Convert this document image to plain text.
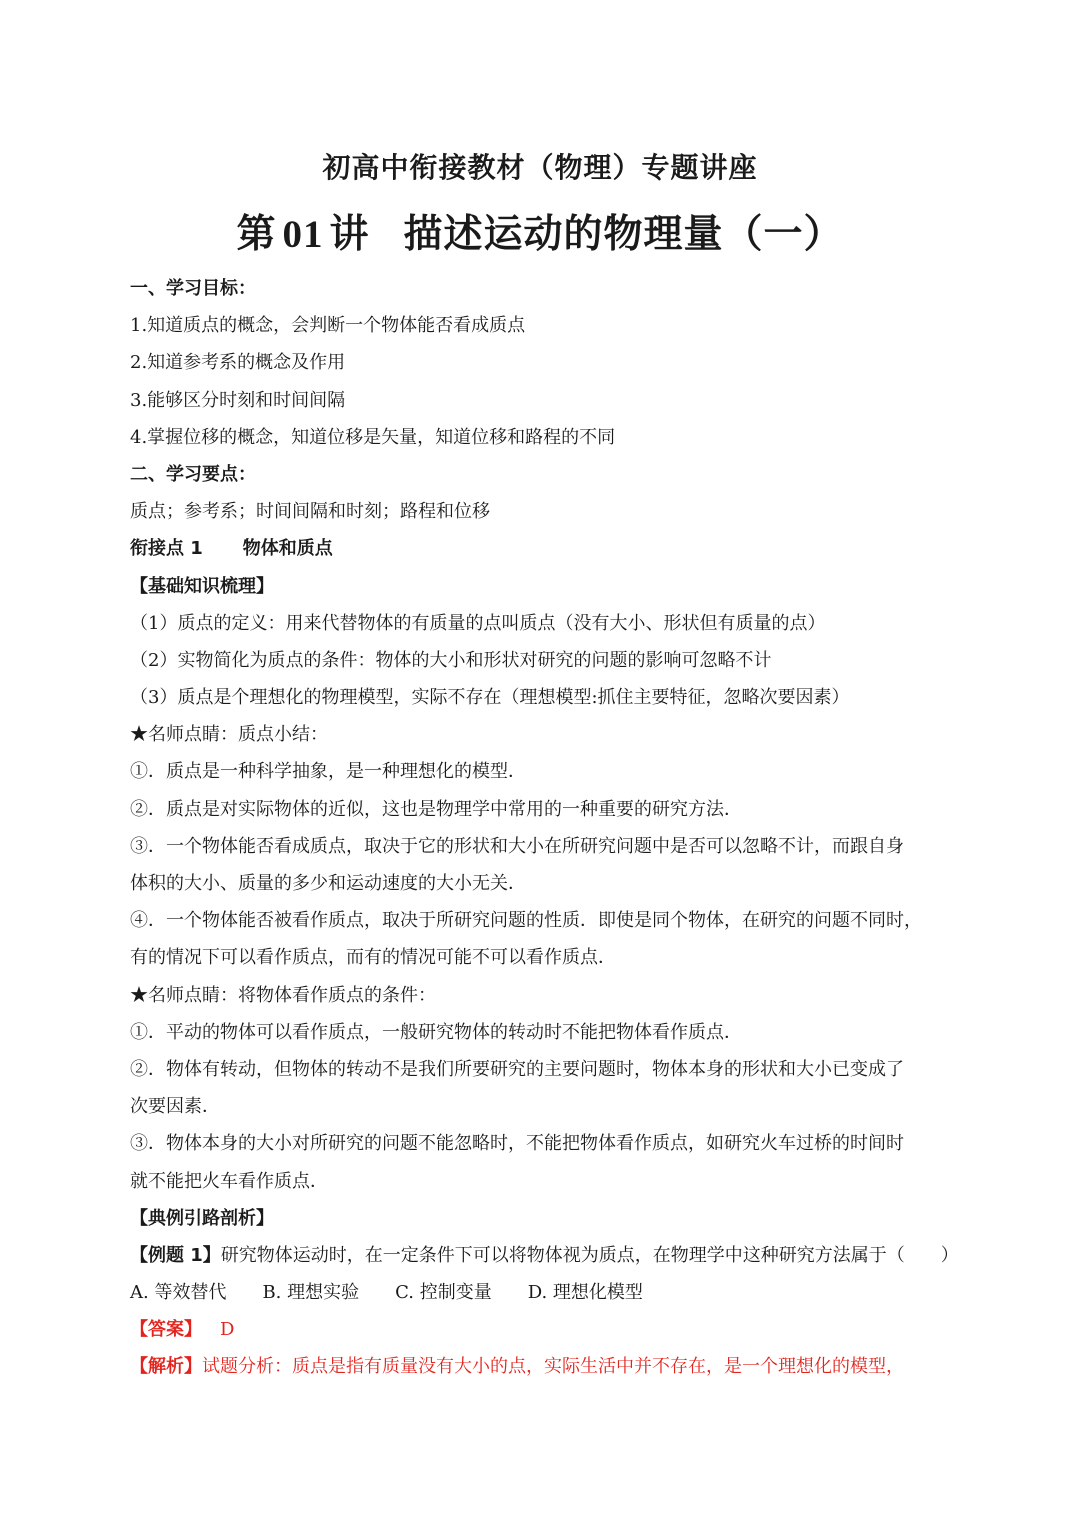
初高中衔接教材（物理）专题讲座
第 01 讲 描述运动的物理量（一）
一、学习目标：
1.知道质点的概念，会判断一个物体能否看成质点
2.知道参考系的概念及作用
3.能够区分时刻和时间间隔
4.掌握位移的概念，知道位移是矢量，知道位移和路程的不同
二、学习要点：
质点；参考系；时间间隔和时刻；路程和位移
衔接点 1 物体和质点
【基础知识梳理】
（1）质点的定义：用来代替物体的有质量的点叫质点（没有大小、形状但有质量的点）
（2）实物简化为质点的条件：物体的大小和形状对研究的问题的影响可忽略不计
（3）质点是个理想化的物理模型，实际不存在（理想模型:抓住主要特征，忽略次要因素）
★名师点睛：质点小结：
①．质点是一种科学抽象，是一种理想化的模型．
②．质点是对实际物体的近似，这也是物理学中常用的一种重要的研究方法．
③．一个物体能否看成质点，取决于它的形状和大小在所研究问题中是否可以忽略不计，而跟自身
体积的大小、质量的多少和运动速度的大小无关．
④．一个物体能否被看作质点，取决于所研究问题的性质．即使是同个物体，在研究的问题不同时，
有的情况下可以看作质点，而有的情况可能不可以看作质点．
★名师点睛：将物体看作质点的条件：
①．平动的物体可以看作质点，一般研究物体的转动时不能把物体看作质点．
②．物体有转动，但物体的转动不是我们所要研究的主要问题时，物体本身的形状和大小已变成了
次要因素．
③．物体本身的大小对所研究的问题不能忽略时，不能把物体看作质点，如研究火车过桥的时间时
就不能把火车看作质点．
【典例引路剖析】
【例题 1】研究物体运动时，在一定条件下可以将物体视为质点，在物理学中这种研究方法属于（　　）
A. 等效替代 B. 理想实验 C. 控制变量 D. 理想化模型
【答案】 D
【解析】试题分析：质点是指有质量没有大小的点，实际生活中并不存在，是一个理想化的模型，
